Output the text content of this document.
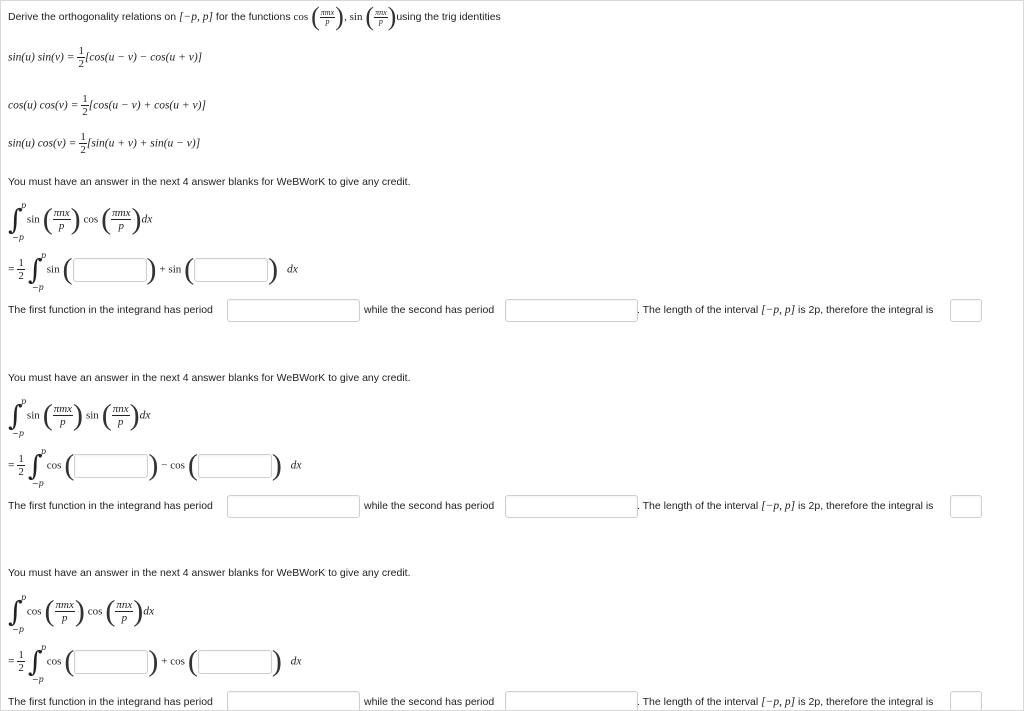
Derive the orthogonality relations on [−p, p] for the functions cos ( $\frac{\text{πmx}}{p}$ ), sin ( $\frac{\text{πnx}}{p} )using$ the trig identities
sin(u) $\sin(v) = \frac{1}{2} [\cos(u - v) - \cos(u + v)]$
cos(u) $\cos(v) = \frac{1}{2} [\cos(u - v) + \cos(u + v)]$
sin(u) $\cos(v) = \frac{1}{2} [\sin(u + v) + \sin(u - v)]$
You must have an answer in the next 4 answer blanks for WeBWorK to give any credit.
∫
p
−p
sin ( $\frac{\text{πnx}}{p}$ ) cos ( $\frac{\text{πmx}}{p} )dx$
= $\frac{1}{2}$ ∫
p
−p
sin ( ) + sin ( ) dx
The first function in the integrand has period	while the second has period	. The length of the interval [−p, p] is 2p, therefore the integral is
You must have an answer in the next 4 answer blanks for WeBWorK to give any credit.
∫
p
−p
sin ( $\frac{\text{πmx}}{p}$ ) sin ( $\frac{\text{πnx}}{p} )dx$
= $\frac{1}{2}$ ∫
p
−p
cos ( ) − cos ( ) dx
The first function in the integrand has period	while the second has period	. The length of the interval [−p, p] is 2p, therefore the integral is
You must have an answer in the next 4 answer blanks for WeBWorK to give any credit.
∫
p
−p
cos ( $\frac{\text{πmx}}{p}$ ) cos ( $\frac{\text{πnx}}{p} )dx$
= $\frac{1}{2}$ ∫
p
−p
cos ( ) + cos ( ) dx
The first function in the integrand has period	while the second has period	. The length of the interval [−p, p] is 2p, therefore the integral is
